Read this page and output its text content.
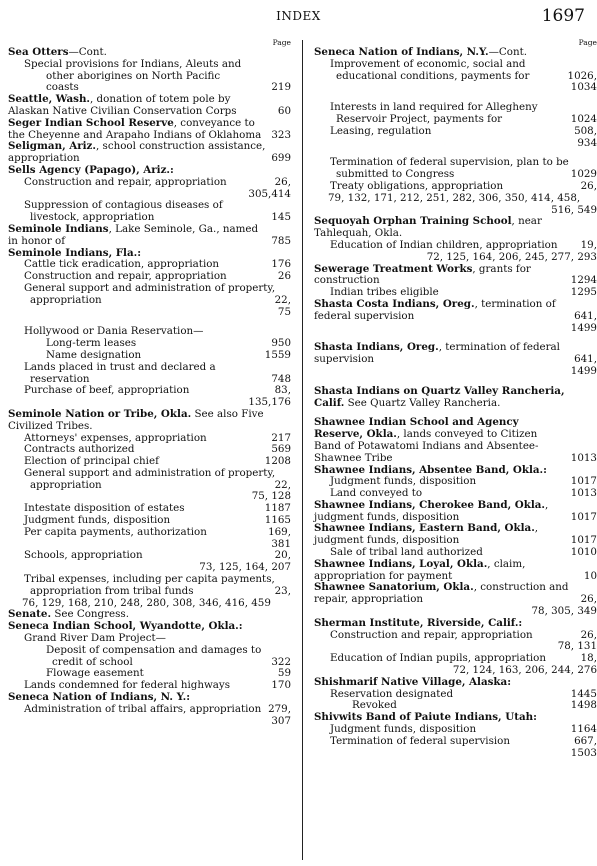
INDEX	1697
Page
Sea Otters—Cont.
Special provisions for Indians, Aleuts and
other aborigines on North Pacific
coasts	219
Seattle, Wash., donation of totem pole by Alaskan Native Civilian Conservation Corps	60
Seger Indian School Reserve, conveyance to the Cheyenne and Arapaho Indians of Oklahoma 323
Seligman, Ariz., school construction assistance, appropriation	699
Sells Agency (Papago), Ariz.:
Construction and repair, appropriation	26,
305,414
Suppression of contagious diseases of livestock, appropriation	145
Seminole Indians, Lake Seminole, Ga., named in honor of	785
Seminole Indians, Fla.:
Cattle tick eradication, appropriation	176
Construction and repair, appropriation	26
General support and administration of property, appropriation	22,
75
Hollywood or Dania Reservation—
Long-term leases	950
Name designation	1559
Lands placed in trust and declared a reservation	748
Purchase of beef, appropriation	83,
135,176
Seminole Nation or Tribe, Okla. See also Five Civilized Tribes.
Attorneys' expenses, appropriation	217
Contracts authorized	569
Election of principal chief	1208
General support and administration of property, appropriation	22,
75, 128
Intestate disposition of estates	1187
Judgment funds, disposition	1165
Per capita payments, authorization	169,
381
Schools, appropriation	20,
73, 125, 164, 207
Tribal expenses, including per capita payments, appropriation from tribal funds	23,
76, 129, 168, 210, 248, 280, 308, 346, 416, 459
Senate. See Congress.
Seneca Indian School, Wyandotte, Okla.:
Grand River Dam Project—
Deposit of compensation and damages to credit of school	322
Flowage easement	59
Lands condemned for federal highways	170
Seneca Nation of Indians, N. Y.:
Administration of tribal affairs, appropriation 279,
307
Page
Seneca Nation of Indians, N.Y.—Cont.
Improvement of economic, social and educational conditions, payments for	1026,
1034
Interests in land required for Allegheny Reservoir Project, payments for	1024
Leasing, regulation	508,
934
Termination of federal supervision, plan to be submitted to Congress	1029
Treaty obligations, appropriation	26,
79, 132, 171, 212, 251, 282, 306, 350, 414, 458,
516, 549
Sequoyah Orphan Training School, near Tahlequah, Okla.
Education of Indian children, appropriation	19,
72, 125, 164, 206, 245, 277, 293
Sewerage Treatment Works, grants for construction	1294
Indian tribes eligible	1295
Shasta Costa Indians, Oreg., termination of federal supervision	641,
1499
Shasta Indians, Oreg., termination of federal supervision	641,
1499
Shasta Indians on Quartz Valley Rancheria, Calif. See Quartz Valley Rancheria.
Shawnee Indian School and Agency Reserve, Okla., lands conveyed to Citizen Band of Potawatomi Indians and Absentee-Shawnee Tribe	1013
Shawnee Indians, Absentee Band, Okla.:
Judgment funds, disposition	1017
Land conveyed to	1013
Shawnee Indians, Cherokee Band, Okla., judgment funds, disposition	1017
Shawnee Indians, Eastern Band, Okla., judgment funds, disposition	1017
Sale of tribal land authorized	1010
Shawnee Indians, Loyal, Okla., claim, appropriation for payment	10
Shawnee Sanatorium, Okla., construction and repair, appropriation	26,
78, 305, 349
Sherman Institute, Riverside, Calif.:
Construction and repair, appropriation	26,
78, 131
Education of Indian pupils, appropriation	18,
72, 124, 163, 206, 244, 276
Shishmarif Native Village, Alaska:
Reservation designated	1445
Revoked	1498
Shivwits Band of Paiute Indians, Utah:
Judgment funds, disposition	1164
Termination of federal supervision	667,
1503
